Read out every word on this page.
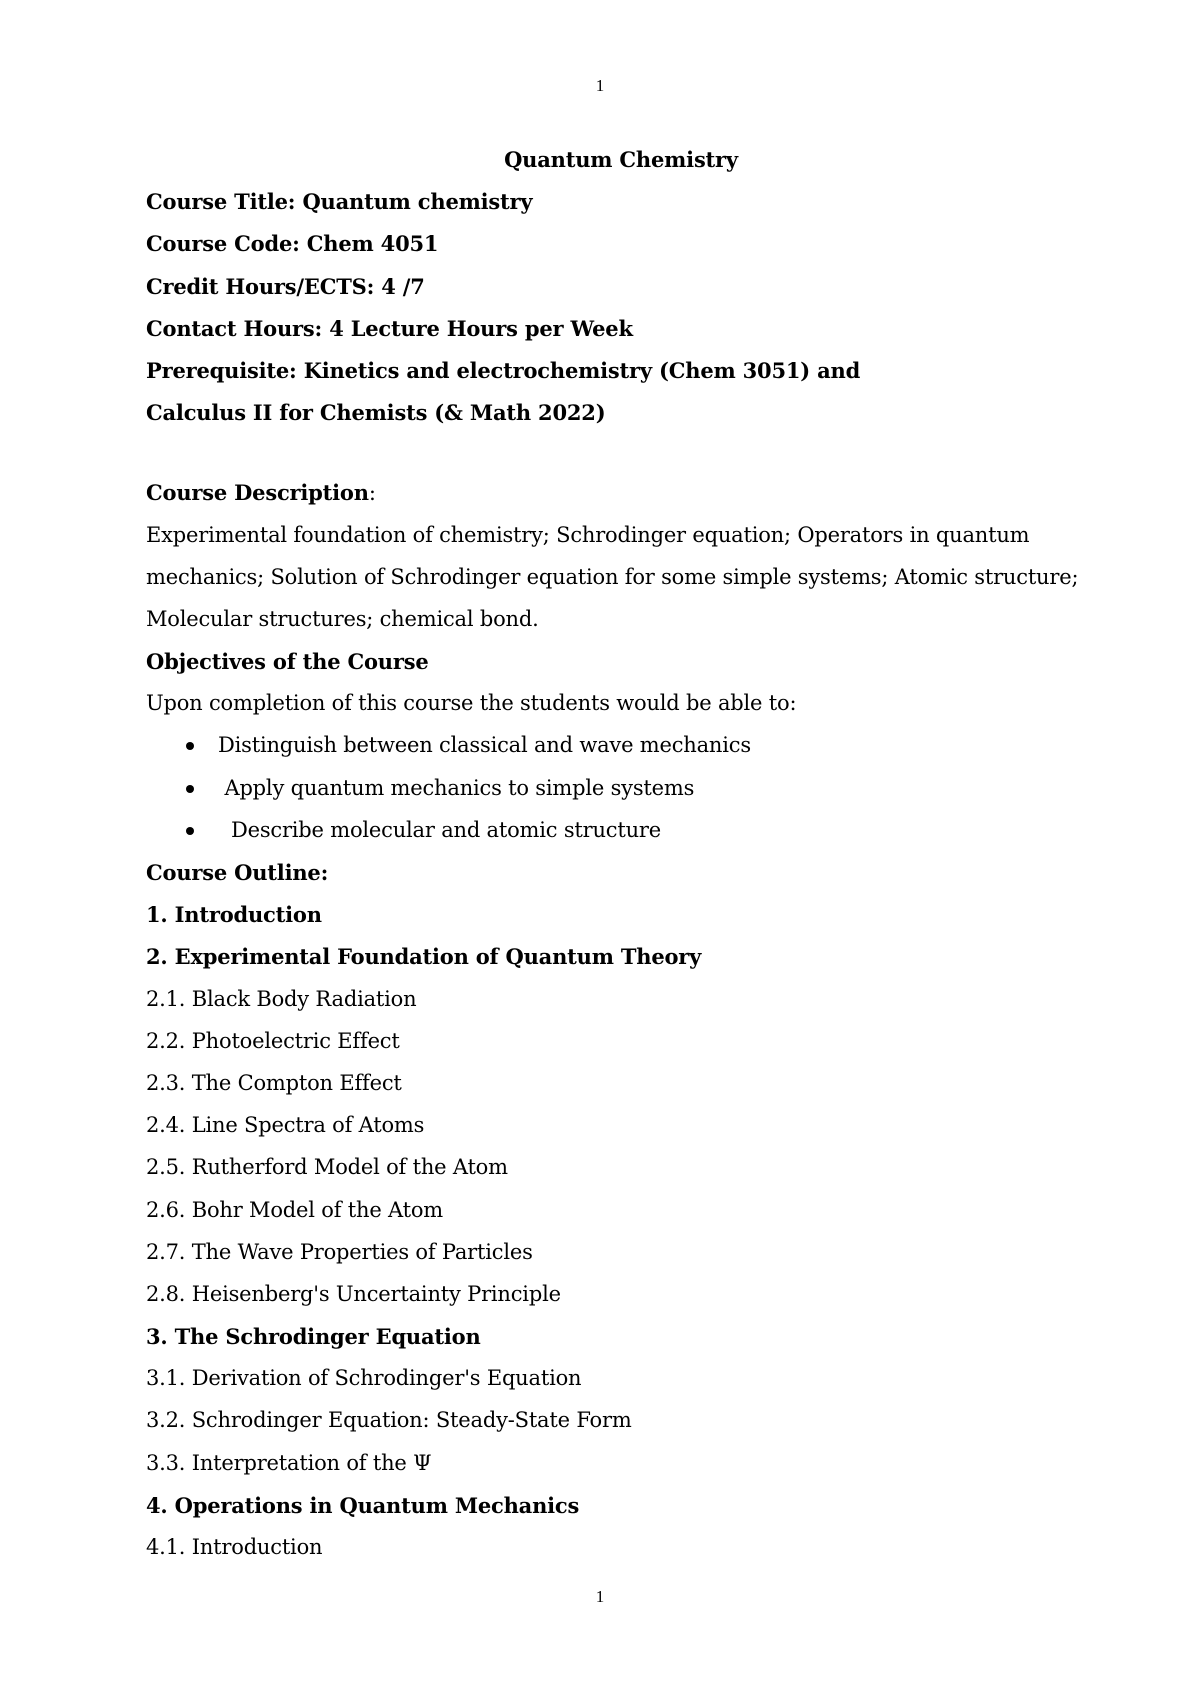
1
Quantum Chemistry
Course Title: Quantum chemistry
Course Code: Chem 4051
Credit Hours/ECTS: 4 /7
Contact Hours: 4 Lecture Hours per Week
Prerequisite: Kinetics and electrochemistry (Chem 3051) and
Calculus II for Chemists (& Math 2022)
Course Description:
Experimental foundation of chemistry; Schrodinger equation; Operators in quantum
mechanics; Solution of Schrodinger equation for some simple systems; Atomic structure;
Molecular structures; chemical bond.
Objectives of the Course
Upon completion of this course the students would be able to:
Distinguish between classical and wave mechanics
Apply quantum mechanics to simple systems
Describe molecular and atomic structure
Course Outline:
1. Introduction
2. Experimental Foundation of Quantum Theory
2.1. Black Body Radiation
2.2. Photoelectric Effect
2.3. The Compton Effect
2.4. Line Spectra of Atoms
2.5. Rutherford Model of the Atom
2.6. Bohr Model of the Atom
2.7. The Wave Properties of Particles
2.8. Heisenberg's Uncertainty Principle
3. The Schrodinger Equation
3.1. Derivation of Schrodinger's Equation
3.2. Schrodinger Equation: Steady-State Form
3.3. Interpretation of the Ψ
4. Operations in Quantum Mechanics
4.1. Introduction
1
